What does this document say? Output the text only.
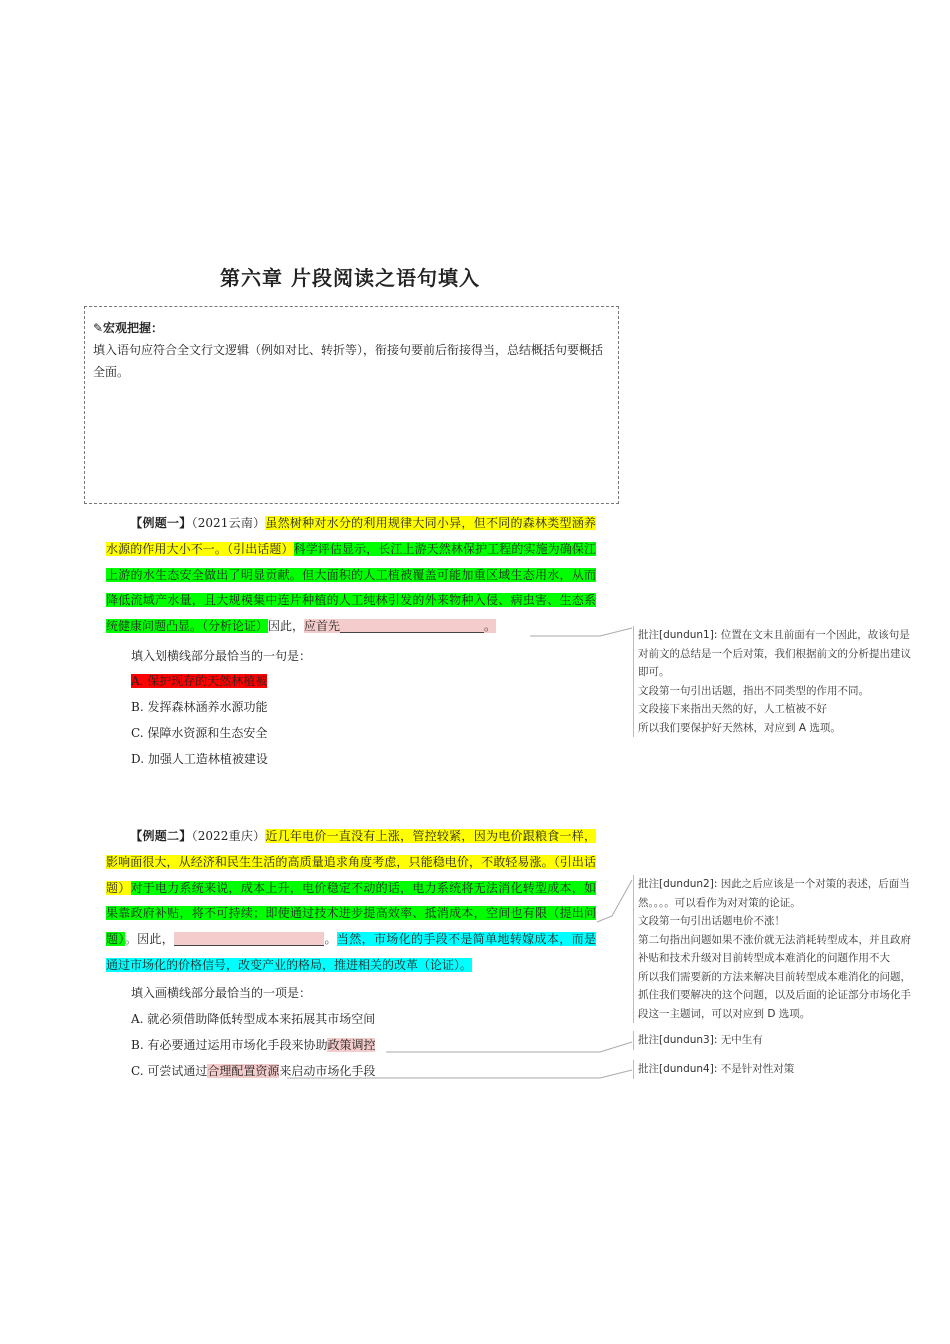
第六章 片段阅读之语句填入
✎宏观把握：
填入语句应符合全文行文逻辑（例如对比、转折等），衔接句要前后衔接得当，总结概括句要概括全面。
【例题一】（2021云南）虽然树种对水分的利用规律大同小异，但不同的森林类型涵养水源的作用大小不一。（引出话题）科学评估显示，长江上游天然林保护工程的实施为确保江上游的水生态安全做出了明显贡献。但大面积的人工植被覆盖可能加重区域生态用水，从而降低流域产水量，且大规模集中连片种植的人工纯林引发的外来物种入侵、病虫害、生态系统健康问题凸显。（分析论证）因此，应首先	。
填入划横线部分最恰当的一句是：
A. 保护现存的天然林植被
B. 发挥森林涵养水源功能
C. 保障水资源和生态安全
D. 加强人工造林植被建设
【例题二】（2022重庆）近几年电价一直没有上涨，管控较紧，因为电价跟粮食一样，影响面很大，从经济和民生生活的高质量追求角度考虑，只能稳电价，不敢轻易涨。（引出话题）对于电力系统来说，成本上升，电价稳定不动的话，电力系统将无法消化转型成本，如果靠政府补贴，将不可持续；即使通过技术进步提高效率、抵消成本，空间也有限（提出问题）。因此，	。当然，市场化的手段不是简单地转嫁成本，而是通过市场化的价格信号，改变产业的格局，推进相关的改革（论证）。
填入画横线部分最恰当的一项是：
A. 就必须借助降低转型成本来拓展其市场空间
B. 有必要通过运用市场化手段来协助政策调控
C. 可尝试通过合理配置资源来启动市场化手段
批注[dundun1]: 位置在文末且前面有一个因此，故该句是对前文的总结是一个后对策，我们根据前文的分析提出建议即可。
文段第一句引出话题，指出不同类型的作用不同。
文段接下来指出天然的好，人工植被不好
所以我们要保护好天然林，对应到 A 选项。
批注[dundun2]: 因此之后应该是一个对策的表述，后面当然。。。。可以看作为对对策的论证。
文段第一句引出话题电价不涨！
第二句指出问题如果不涨价就无法消耗转型成本，并且政府补贴和技术升级对目前转型成本难消化的问题作用不大
所以我们需要新的方法来解决目前转型成本难消化的问题，抓住我们要解决的这个问题，以及后面的论证部分市场化手段这一主题词，可以对应到 D 选项。
批注[dundun3]: 无中生有
批注[dundun4]: 不是针对性对策
